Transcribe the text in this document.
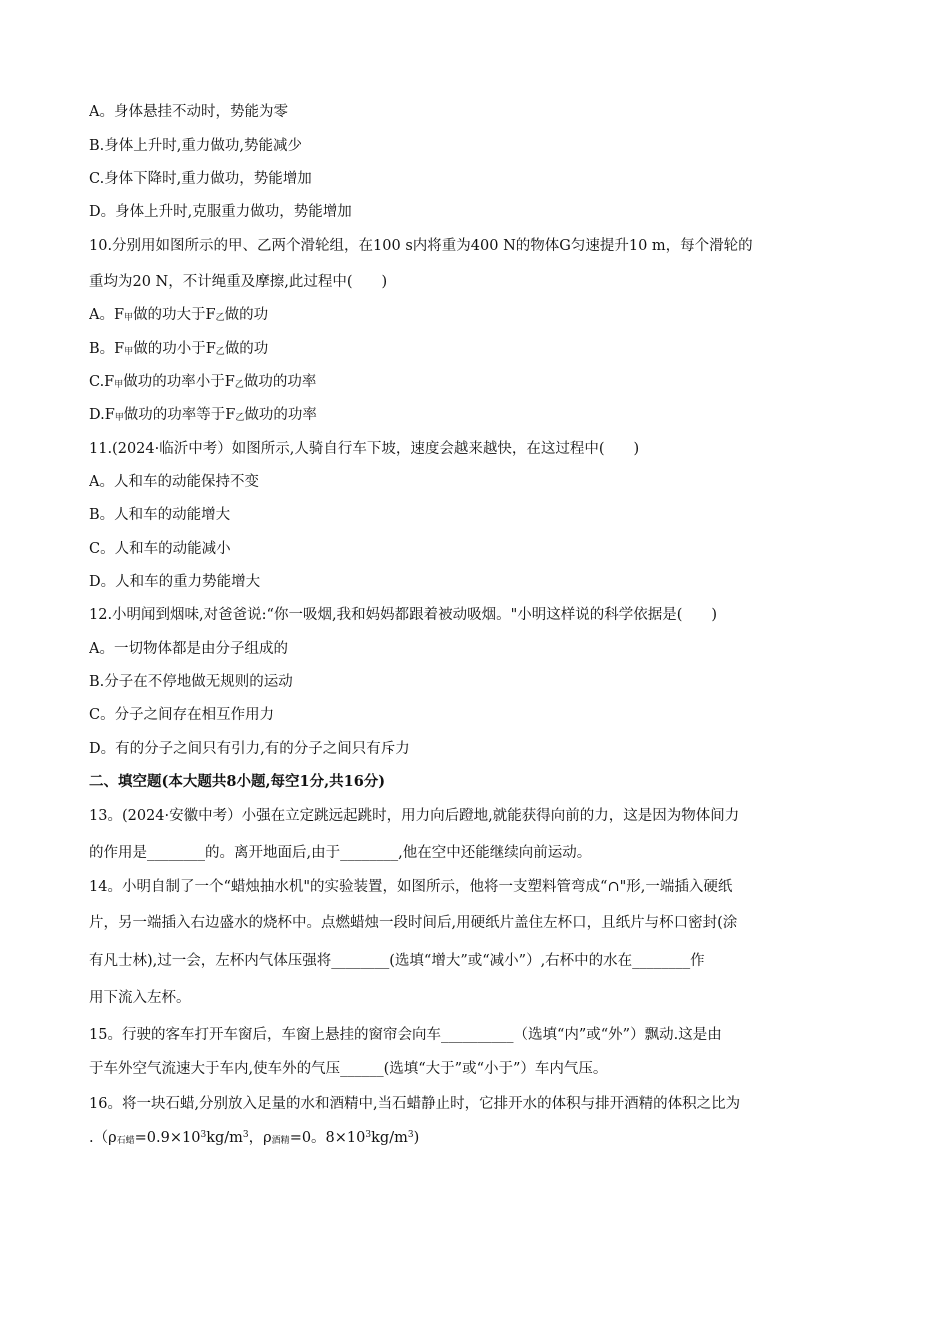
A。身体悬挂不动时，势能为零
B.身体上升时,重力做功,势能减少
C.身体下降时,重力做功，势能增加
D。身体上升时,克服重力做功，势能增加
10.分别用如图所示的甲、乙两个滑轮组，在100 s内将重为400 N的物体G匀速提升10 m，每个滑轮的
重均为20 N，不计绳重及摩擦,此过程中(　　)
A。$F_甲$做的功大于$F_乙$做的功
B。$F_甲$做的功小于$F_乙$做的功
$C.F_甲$做功的功率小于$F_乙$做功的功率
$D.F_甲$做功的功率等于$F_乙$做功的功率
11.(2024·临沂中考）如图所示,人骑自行车下坡，速度会越来越快，在这过程中(　　)
A。人和车的动能保持不变
B。人和车的动能增大
C。人和车的动能减小
D。人和车的重力势能增大
12.小明闻到烟味,对爸爸说:“你一吸烟,我和妈妈都跟着被动吸烟。"小明这样说的科学依据是(　　)
A。一切物体都是由分子组成的
B.分子在不停地做无规则的运动
C。分子之间存在相互作用力
D。有的分子之间只有引力,有的分子之间只有斥力
二、填空题(本大题共8小题,每空1分,共16分)
13。(2024·安徽中考）小强在立定跳远起跳时，用力向后蹬地,就能获得向前的力，这是因为物体间力
的作用是________的。离开地面后,由于________,他在空中还能继续向前运动。
14。小明自制了一个“蜡烛抽水机"的实验装置，如图所示，他将一支塑料管弯成“∩"形,一端插入硬纸
片，另一端插入右边盛水的烧杯中。点燃蜡烛一段时间后,用硬纸片盖住左杯口，且纸片与杯口密封(涂
有凡士林),过一会，左杯内气体压强将________(选填“增大”或“减小”）,右杯中的水在________作
用下流入左杯。
15。行驶的客车打开车窗后，车窗上悬挂的窗帘会向车__________（选填“内”或“外”）飘动.这是由
于车外空气流速大于车内,使车外的气压______(选填“大于”或“小于”）车内气压。
16。将一块石蜡,分别放入足量的水和酒精中,当石蜡静止时，它排开水的体积与排开酒精的体积之比为
$.(\rho_{石蜡}=0.9\times 10^3kg/m^3$，$\rho_{酒精}=0$。$8\times 10^3kg/m^3$)
